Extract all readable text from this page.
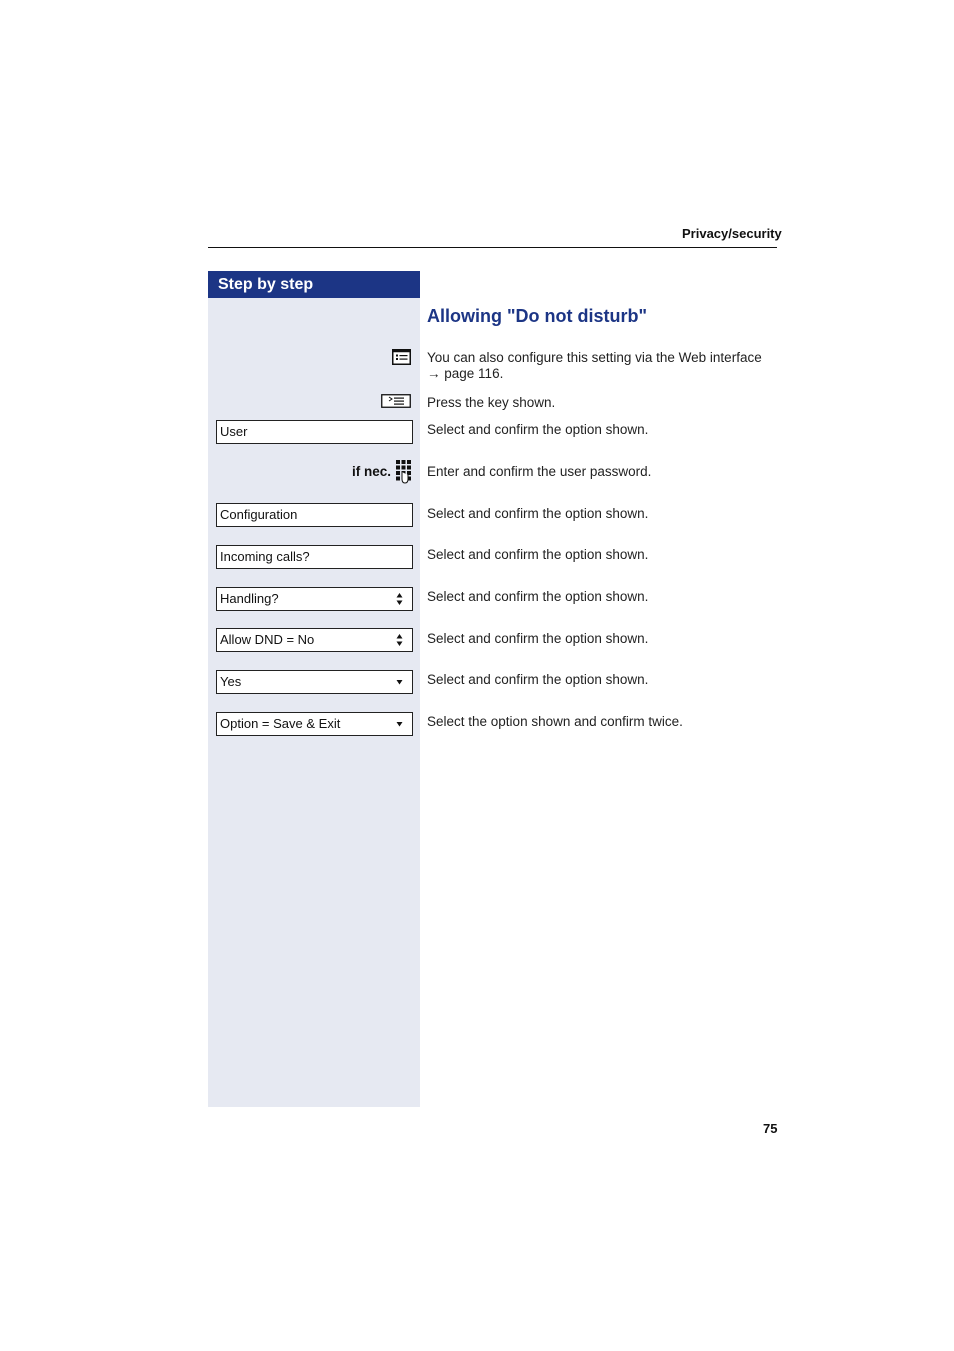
Privacy/security
Step by step
Allowing "Do not disturb"
You can also configure this setting via the Web interface
→ page 116.
Press the key shown.
User	Select and confirm the option shown.
if nec.	Enter and confirm the user password.
Configuration	Select and confirm the option shown.
Incoming calls?	Select and confirm the option shown.
Handling?	Select and confirm the option shown.
Allow DND = No	Select and confirm the option shown.
Yes	Select and confirm the option shown.
Option = Save & Exit	Select the option shown and confirm twice.
75
